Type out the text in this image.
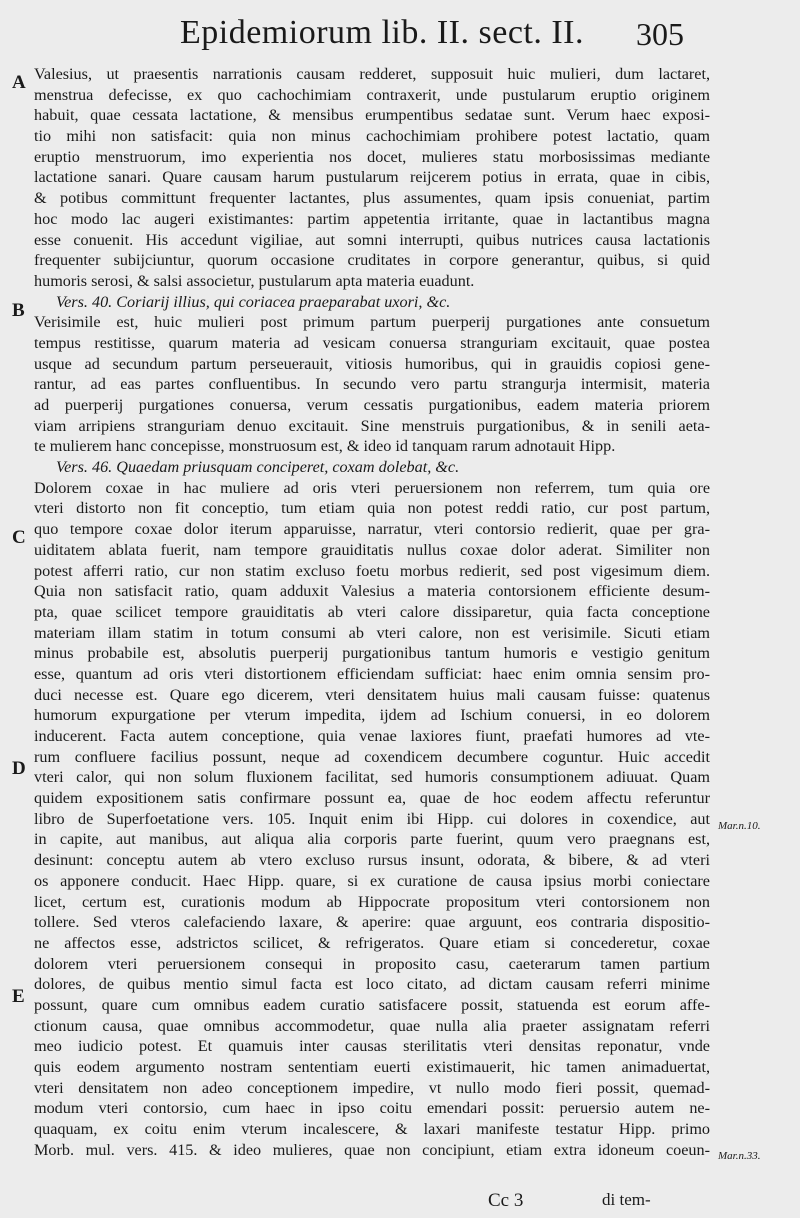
Epidemiorum lib. II. sect. II. 305
A
B
C
D
E
Mar.n.10.
Mar.n.33.
Valesius, ut praesentis narrationis causam redderet, supposuit huic mulieri, dum lactaret,
menstrua defecisse, ex quo cachochimiam contraxerit, unde pustularum eruptio originem
habuit, quae cessata lactatione, & mensibus erumpentibus sedatae sunt. Verum haec exposi-
tio mihi non satisfacit: quia non minus cachochimiam prohibere potest lactatio, quam
eruptio menstruorum, imo experientia nos docet, mulieres statu morbosissimas mediante
lactatione sanari. Quare causam harum pustularum reijcerem potius in errata, quae in cibis,
& potibus committunt frequenter lactantes, plus assumentes, quam ipsis conueniat, partim
hoc modo lac augeri existimantes: partim appetentia irritante, quae in lactantibus magna
esse conuenit. His accedunt vigiliae, aut somni interrupti, quibus nutrices causa lactationis
frequenter subijciuntur, quorum occasione cruditates in corpore generantur, quibus, si quid
humoris serosi, & salsi associetur, pustularum apta materia euadunt.
Vers. 40. Coriarij illius, qui coriacea praeparabat uxori, &c.
Verisimile est, huic mulieri post primum partum puerperij purgationes ante consuetum
tempus restitisse, quarum materia ad vesicam conuersa stranguriam excitauit, quae postea
usque ad secundum partum perseuerauit, vitiosis humoribus, qui in grauidis copiosi gene-
rantur, ad eas partes confluentibus. In secundo vero partu strangurja intermisit, materia
ad puerperij purgationes conuersa, verum cessatis purgationibus, eadem materia priorem
viam arripiens stranguriam denuo excitauit. Sine menstruis purgationibus, & in senili aeta-
te mulierem hanc concepisse, monstruosum est, & ideo id tanquam rarum adnotauit Hipp.
Vers. 46. Quaedam priusquam conciperet, coxam dolebat, &c.
Dolorem coxae in hac muliere ad oris vteri peruersionem non referrem, tum quia ore
vteri distorto non fit conceptio, tum etiam quia non potest reddi ratio, cur post partum,
quo tempore coxae dolor iterum apparuisse, narratur, vteri contorsio redierit, quae per gra-
uiditatem ablata fuerit, nam tempore grauiditatis nullus coxae dolor aderat. Similiter non
potest afferri ratio, cur non statim excluso foetu morbus redierit, sed post vigesimum diem.
Quia non satisfacit ratio, quam adduxit Valesius a materia contorsionem efficiente desum-
pta, quae scilicet tempore grauiditatis ab vteri calore dissiparetur, quia facta conceptione
materiam illam statim in totum consumi ab vteri calore, non est verisimile. Sicuti etiam
minus probabile est, absolutis puerperij purgationibus tantum humoris e vestigio genitum
esse, quantum ad oris vteri distortionem efficiendam sufficiat: haec enim omnia sensim pro-
duci necesse est. Quare ego dicerem, vteri densitatem huius mali causam fuisse: quatenus
humorum expurgatione per vterum impedita, ijdem ad Ischium conuersi, in eo dolorem
inducerent. Facta autem conceptione, quia venae laxiores fiunt, praefati humores ad vte-
rum confluere facilius possunt, neque ad coxendicem decumbere coguntur. Huic accedit
vteri calor, qui non solum fluxionem facilitat, sed humoris consumptionem adiuuat. Quam
quidem expositionem satis confirmare possunt ea, quae de hoc eodem affectu referuntur
libro de Superfoetatione vers. 105. Inquit enim ibi Hipp. cui dolores in coxendice, aut
in capite, aut manibus, aut aliqua alia corporis parte fuerint, quum vero praegnans est,
desinunt: conceptu autem ab vtero excluso rursus insunt, odorata, & bibere, & ad vteri
os apponere conducit. Haec Hipp. quare, si ex curatione de causa ipsius morbi coniectare
licet, certum est, curationis modum ab Hippocrate propositum vteri contorsionem non
tollere. Sed vteros calefaciendo laxare, & aperire: quae arguunt, eos contraria dispositio-
ne affectos esse, adstrictos scilicet, & refrigeratos. Quare etiam si concederetur, coxae
dolorem vteri peruersionem consequi in proposito casu, caeterarum tamen partium
dolores, de quibus mentio simul facta est loco citato, ad dictam causam referri minime
possunt, quare cum omnibus eadem curatio satisfacere possit, statuenda est eorum affe-
ctionum causa, quae omnibus accommodetur, quae nulla alia praeter assignatam referri
meo iudicio potest. Et quamuis inter causas sterilitatis vteri densitas reponatur, vnde
quis eodem argumento nostram sententiam euerti existimauerit, hic tamen animaduertat,
vteri densitatem non adeo conceptionem impedire, vt nullo modo fieri possit, quemad-
modum vteri contorsio, cum haec in ipso coitu emendari possit: peruersio autem ne-
quaquam, ex coitu enim vterum incalescere, & laxari manifeste testatur Hipp. primo
Morb. mul. vers. 415. & ideo mulieres, quae non concipiunt, etiam extra idoneum coeun-
Cc 3	di tem-
